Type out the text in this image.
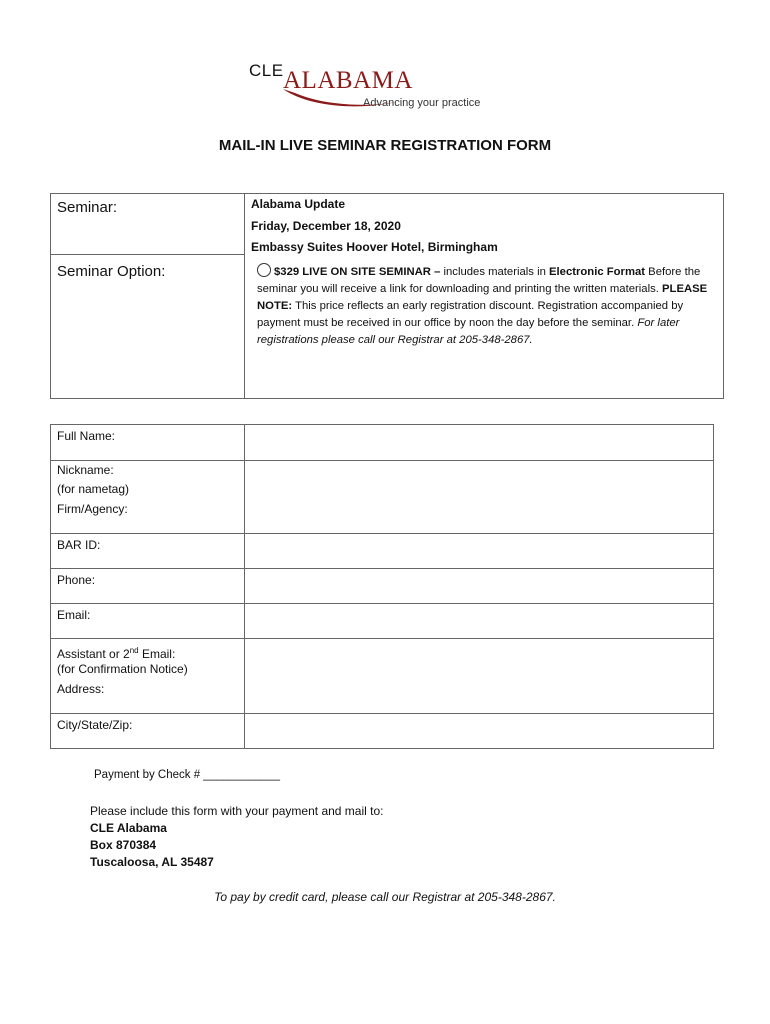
CLE ALABAMA
Advancing your practice
MAIL-IN LIVE SEMINAR REGISTRATION FORM
Seminar:	Alabama Update
Friday, December 18, 2020
Embassy Suites Hoover Hotel, Birmingham
Seminar Option:	$329 LIVE ON SITE SEMINAR – includes materials in Electronic Format Before the seminar you will receive a link for downloading and printing the written materials. PLEASE NOTE: This price reflects an early registration discount. Registration accompanied by payment must be received in our office by noon the day before the seminar. For later registrations please call our Registrar at 205-348-2867.
Full Name:
Nickname:
(for nametag)
Firm/Agency:
BAR ID:
Phone:
Email:
Assistant or 2nd Email:
(for Confirmation Notice)
Address:
City/State/Zip:
Payment by Check # ____________
Please include this form with your payment and mail to:
CLE Alabama
Box 870384
Tuscaloosa, AL 35487
To pay by credit card, please call our Registrar at 205-348-2867.
